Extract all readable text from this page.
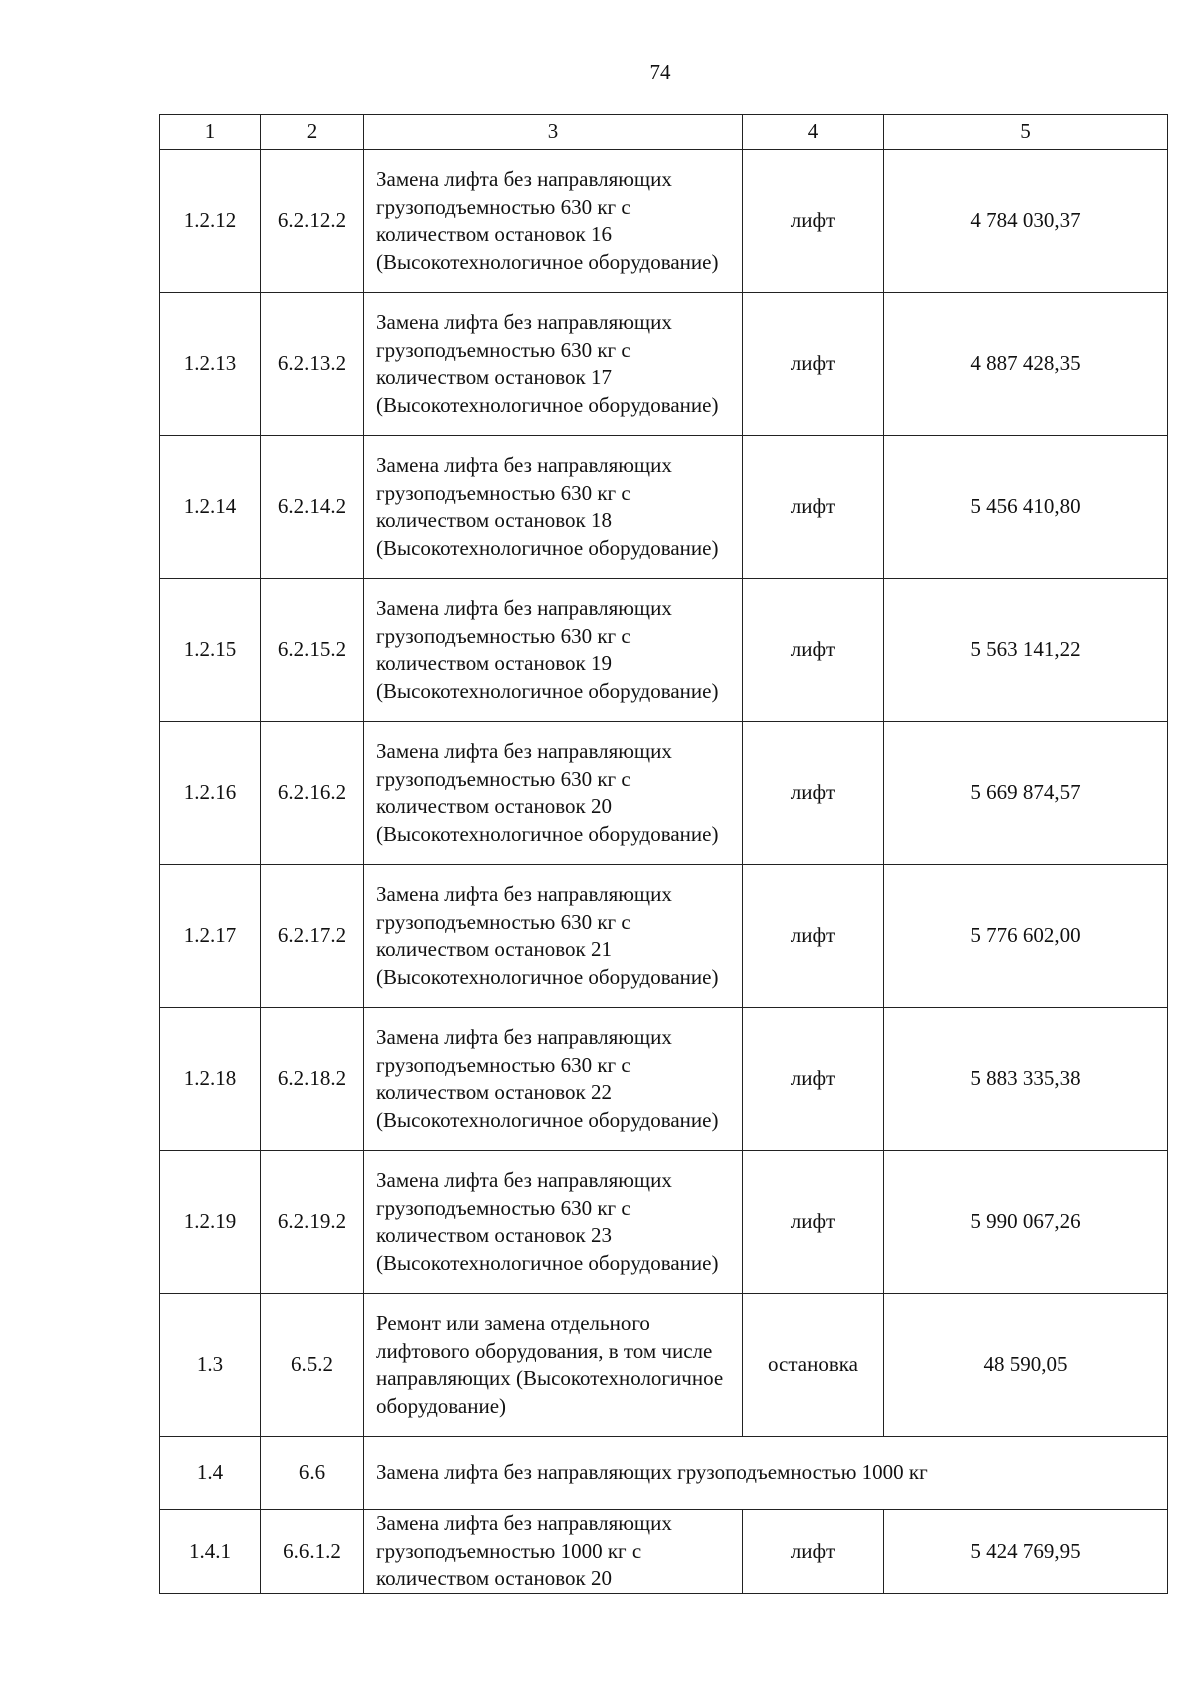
74
1	2	3	4	5
1.2.12	6.2.12.2	Замена лифта без направляющих грузоподъемностью 630 кг с количеством остановок 16 (Высокотехнологичное оборудование)	лифт	4 784 030,37
1.2.13	6.2.13.2	Замена лифта без направляющих грузоподъемностью 630 кг с количеством остановок 17 (Высокотехнологичное оборудование)	лифт	4 887 428,35
1.2.14	6.2.14.2	Замена лифта без направляющих грузоподъемностью 630 кг с количеством остановок 18 (Высокотехнологичное оборудование)	лифт	5 456 410,80
1.2.15	6.2.15.2	Замена лифта без направляющих грузоподъемностью 630 кг с количеством остановок 19 (Высокотехнологичное оборудование)	лифт	5 563 141,22
1.2.16	6.2.16.2	Замена лифта без направляющих грузоподъемностью 630 кг с количеством остановок 20 (Высокотехнологичное оборудование)	лифт	5 669 874,57
1.2.17	6.2.17.2	Замена лифта без направляющих грузоподъемностью 630 кг с количеством остановок 21 (Высокотехнологичное оборудование)	лифт	5 776 602,00
1.2.18	6.2.18.2	Замена лифта без направляющих грузоподъемностью 630 кг с количеством остановок 22 (Высокотехнологичное оборудование)	лифт	5 883 335,38
1.2.19	6.2.19.2	Замена лифта без направляющих грузоподъемностью 630 кг с количеством остановок 23 (Высокотехнологичное оборудование)	лифт	5 990 067,26
1.3	6.5.2	Ремонт или замена отдельного лифтового оборудования, в том числе направляющих (Высокотехнологичное оборудование)	остановка	48 590,05
1.4	6.6	Замена лифта без направляющих грузоподъемностью 1000 кг		
1.4.1	6.6.1.2	Замена лифта без направляющих грузоподъемностью 1000 кг с количеством остановок 20	лифт	5 424 769,95
